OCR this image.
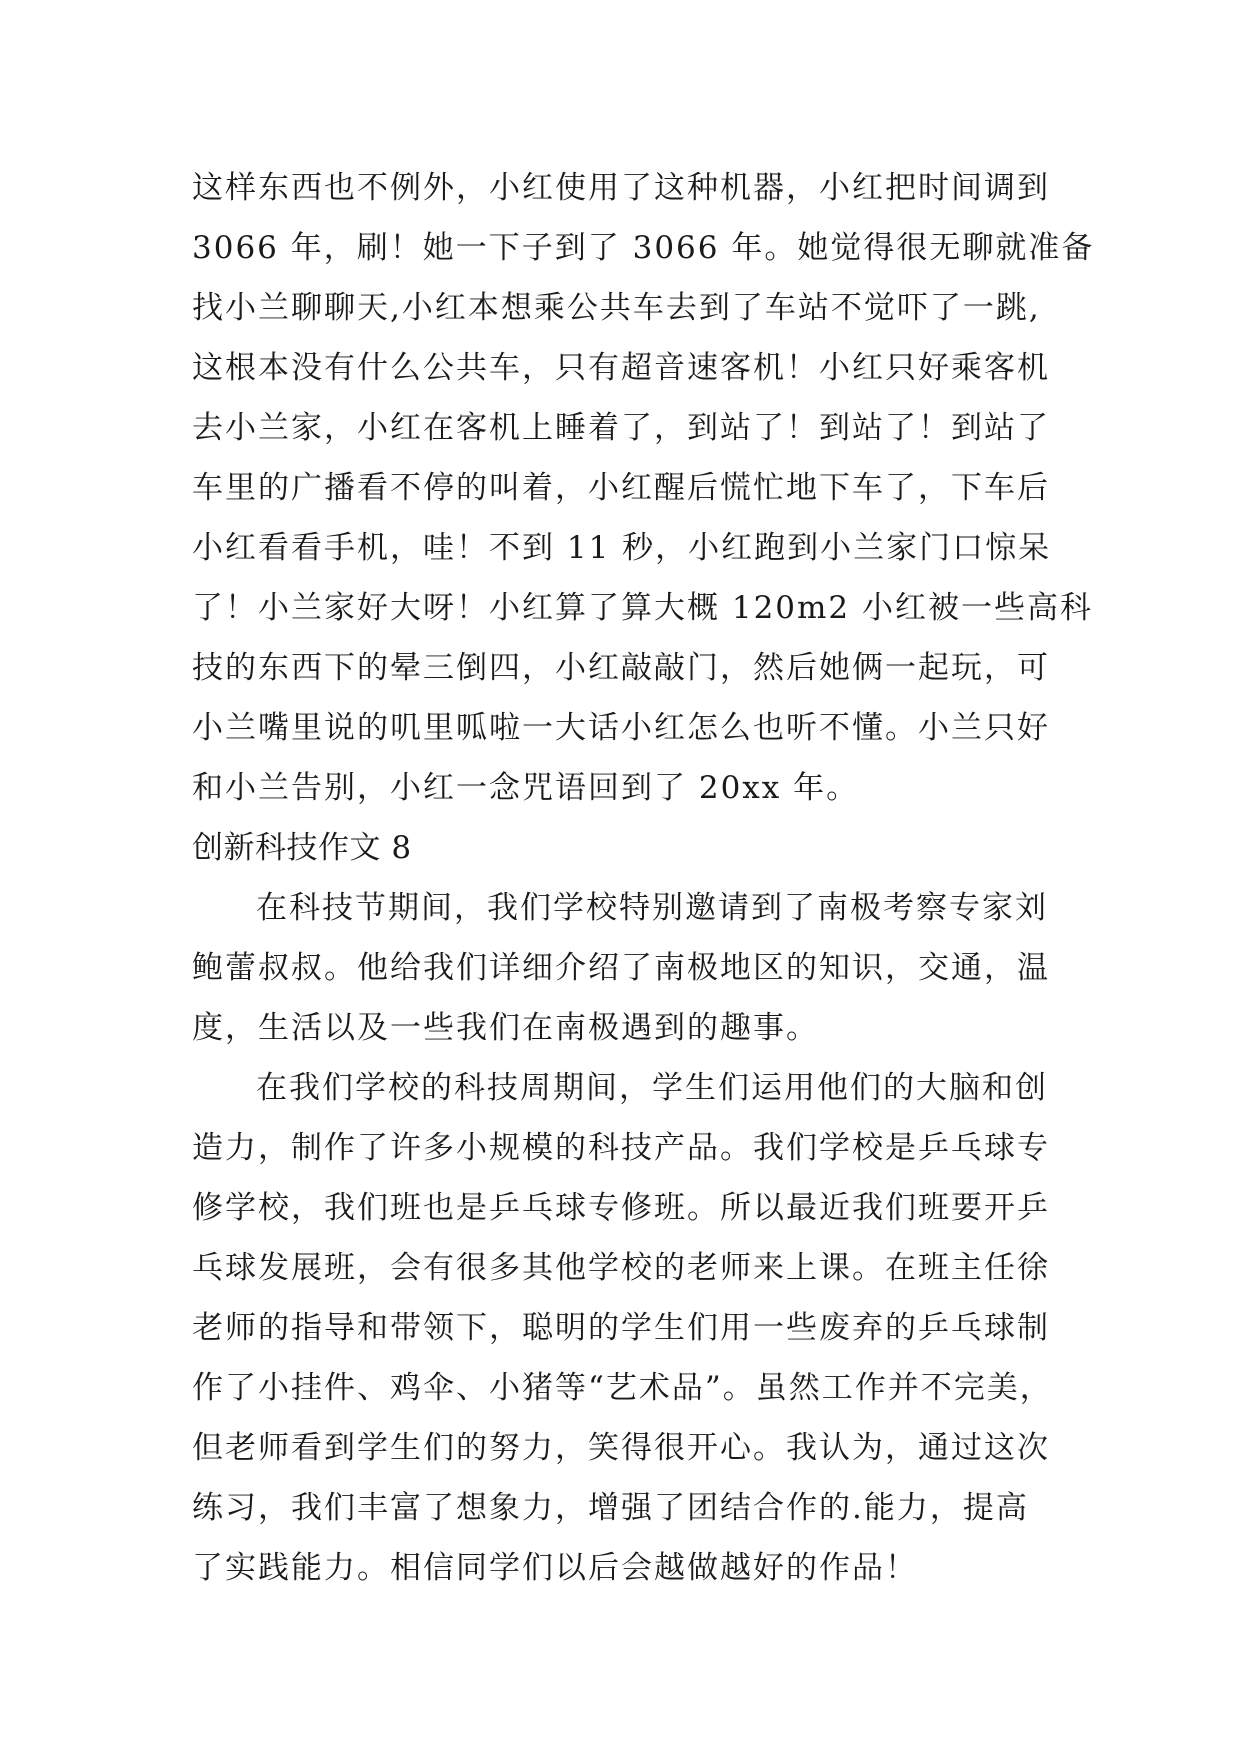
这样东西也不例外，小红使用了这种机器，小红把时间调到
3066 年，刷！她一下子到了 3066 年。她觉得很无聊就准备
找小兰聊聊天,小红本想乘公共车去到了车站不觉吓了一跳,
这根本没有什么公共车，只有超音速客机！小红只好乘客机
去小兰家，小红在客机上睡着了，到站了！到站了！到站了
车里的广播看不停的叫着，小红醒后慌忙地下车了，下车后
小红看看手机，哇！不到 11 秒，小红跑到小兰家门口惊呆
了！小兰家好大呀！小红算了算大概 120m2 小红被一些高科
技的东西下的晕三倒四，小红敲敲门，然后她俩一起玩，可
小兰嘴里说的叽里呱啦一大话小红怎么也听不懂。小兰只好
和小兰告别，小红一念咒语回到了 20xx 年。
创新科技作文 8
在科技节期间，我们学校特别邀请到了南极考察专家刘
鲍蕾叔叔。他给我们详细介绍了南极地区的知识，交通，温
度，生活以及一些我们在南极遇到的趣事。
在我们学校的科技周期间，学生们运用他们的大脑和创
造力，制作了许多小规模的科技产品。我们学校是乒乓球专
修学校，我们班也是乒乓球专修班。所以最近我们班要开乒
乓球发展班，会有很多其他学校的老师来上课。在班主任徐
老师的指导和带领下，聪明的学生们用一些废弃的乒乓球制
作了小挂件、鸡伞、小猪等“艺术品”。虽然工作并不完美，
但老师看到学生们的努力，笑得很开心。我认为，通过这次
练习，我们丰富了想象力，增强了团结合作的.能力，提高
了实践能力。相信同学们以后会越做越好的作品！
